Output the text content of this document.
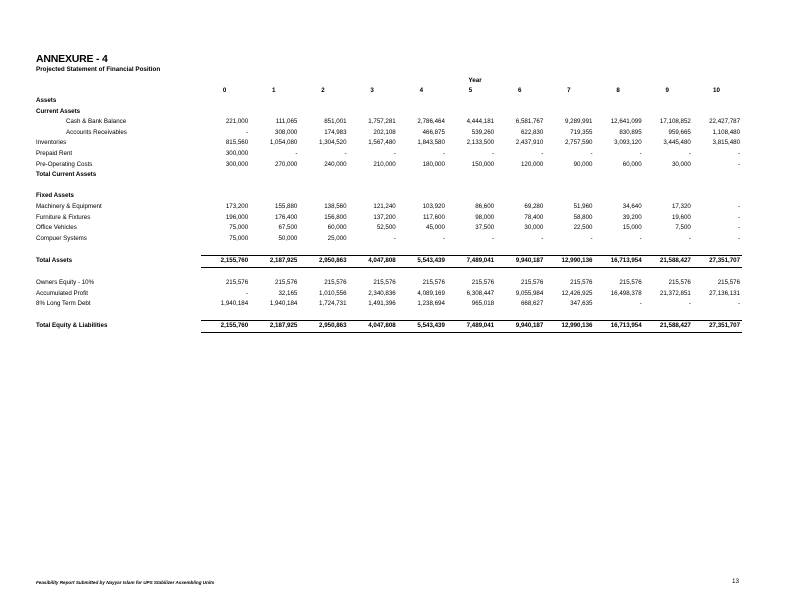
ANNEXURE - 4
Projected Statement of Financial Position
Year
	0	1	2	3	4	5	6	7	8	9	10
Assets											
Current Assets											
Cash & Bank Balance	221,000	111,065	851,001	1,757,281	2,786,464	4,444,181	6,581,767	9,289,991	12,641,099	17,108,852	22,427,787
Accounts Receivables	-	308,000	174,983	202,108	466,875	539,260	622,830	719,355	830,895	959,665	1,108,480
Inventories	815,560	1,054,080	1,304,520	1,567,480	1,843,580	2,133,500	2,437,910	2,757,590	3,093,120	3,445,480	3,815,480
Prepaid Rent	300,000	-	-	-	-	-	-	-	-	-	-
Pre-Operating Costs	300,000	270,000	240,000	210,000	180,000	150,000	120,000	90,000	60,000	30,000	-
Total Current Assets											

Fixed Assets											
Machinery & Equipment	173,200	155,880	138,560	121,240	103,920	86,600	69,280	51,960	34,640	17,320	-
Furniture & Fixtures	196,000	176,400	156,800	137,200	117,600	98,000	78,400	58,800	39,200	19,600	-
Office Vehicles	75,000	67,500	60,000	52,500	45,000	37,500	30,000	22,500	15,000	7,500	-
Compuer Systems	75,000	50,000	25,000	-	-	-	-	-	-	-	-

Total Assets	2,155,760	2,187,925	2,950,863	4,047,808	5,543,439	7,489,041	9,940,187	12,990,136	16,713,954	21,588,427	27,351,707

Owners Equity - 10%	215,576	215,576	215,576	215,576	215,576	215,576	215,576	215,576	215,576	215,576	215,576
Accumulated Profit	-	32,165	1,010,556	2,340,836	4,089,169	6,308,447	9,055,984	12,426,925	16,498,378	21,372,851	27,136,131
8% Long Term Debt	1,940,184	1,940,184	1,724,731	1,491,396	1,238,694	965,018	668,627	347,635	-	-	-

Total Equity & Liabilities	2,155,760	2,187,925	2,950,863	4,047,808	5,543,439	7,489,041	9,940,187	12,990,136	16,713,954	21,588,427	27,351,707
Feasibility Report Submitted by Nayyar Islam for UPS Stabilizer Assembling Units	13
